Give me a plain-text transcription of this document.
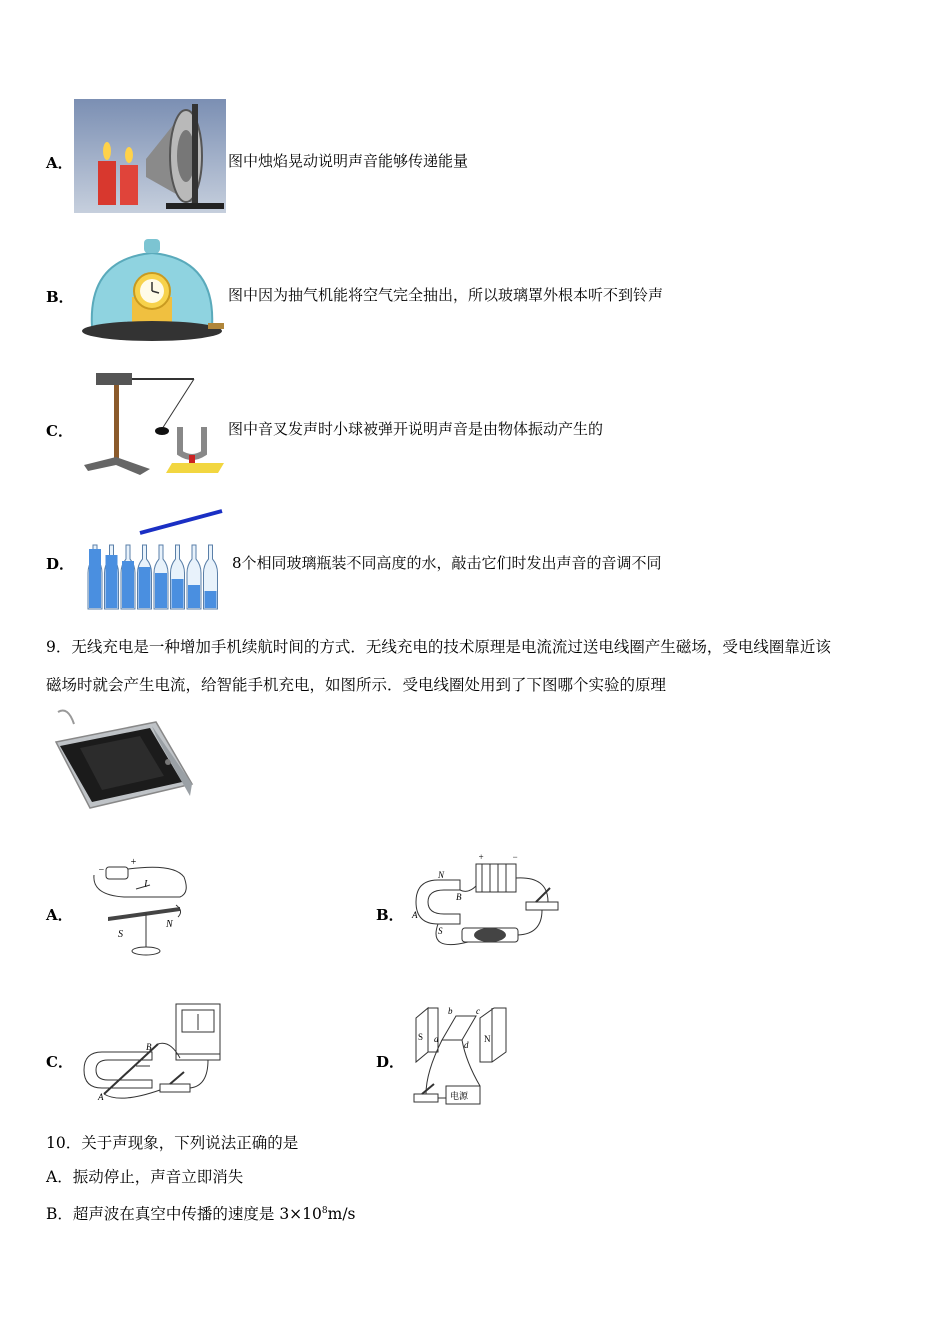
A．	图中烛焰晃动说明声音能够传递能量
B．	图中因为抽气机能将空气完全抽出，所以玻璃罩外根本听不到铃声
C．	图中音叉发声时小球被弹开说明声音是由物体振动产生的
D．	8个相同玻璃瓶装不同高度的水，敲击它们时发出声音的音调不同
9．无线充电是一种增加手机续航时间的方式．无线充电的技术原理是电流流过送电线圈产生磁场，受电线圈靠近该
磁场时就会产生电流，给智能手机充电，如图所示．受电线圈处用到了下图哪个实验的原理
A．
−
+
I
S
N
B．
N
S
A
B
+	−
C．
A
B
D．
S	N
a
b	c
d
电源
10．关于声现象，下列说法正确的是
A．振动停止，声音立即消失
B．超声波在真空中传播的速度是 $3\times 10^8m/s$
